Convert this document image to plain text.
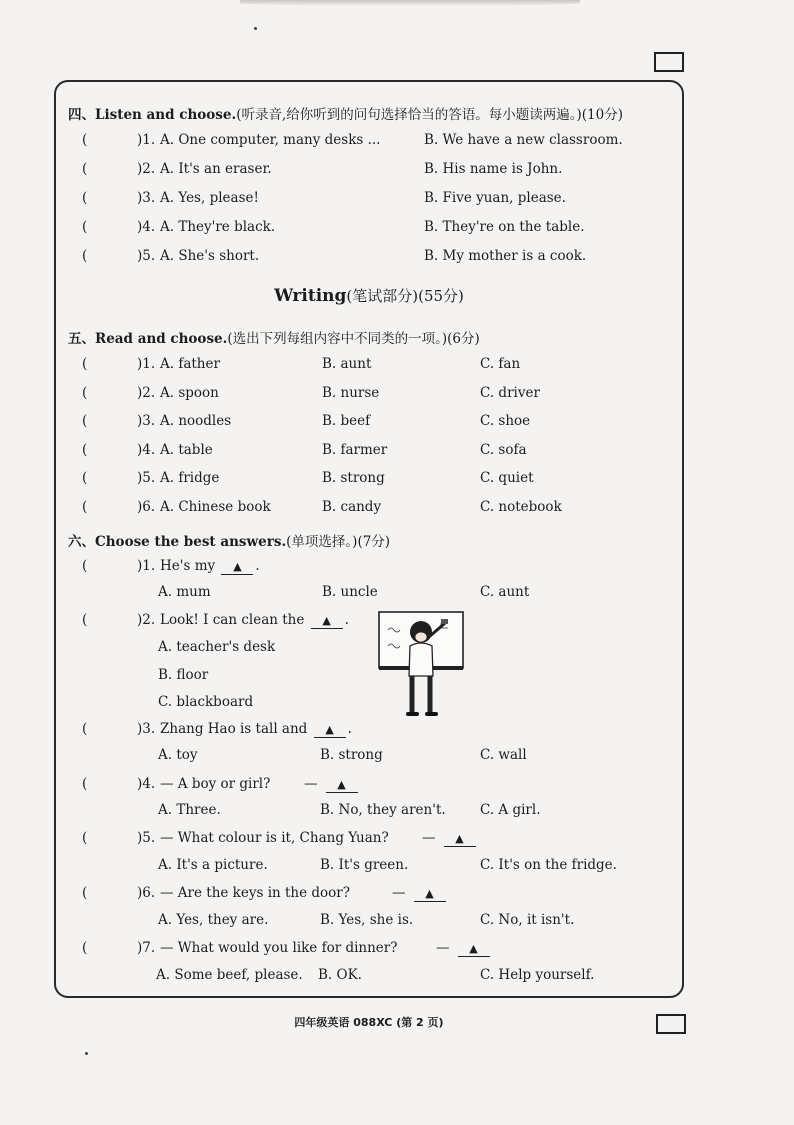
四、Listen and choose.(听录音,给你听到的问句选择恰当的答语。每小题读两遍。)(10分)
(	)1. A. One computer, many desks ...	B. We have a new classroom.
(	)2. A. It's an eraser.	B. His name is John.
(	)3. A. Yes, please!	B. Five yuan, please.
(	)4. A. They're black.	B. They're on the table.
(	)5. A. She's short.	B. My mother is a cook.
Writing(笔试部分)(55分)
五、Read and choose.(选出下列每组内容中不同类的一项。)(6分)
(	)1. A. father	B. aunt	C. fan
(	)2. A. spoon	B. nurse	C. driver
(	)3. A. noodles	B. beef	C. shoe
(	)4. A. table	B. farmer	C. sofa
(	)5. A. fridge	B. strong	C. quiet
(	)6. A. Chinese book	B. candy	C. notebook
六、Choose the best answers.(单项选择。)(7分)
(	)1. He's my ▲ .
A. mum	B. uncle	C. aunt
(	)2. Look! I can clean the ▲ .
A. teacher's desk
B. floor
C. blackboard
(	)3. Zhang Hao is tall and ▲ .
A. toy	B. strong	C. wall
(	)4. — A boy or girl? — ▲
A. Three.	B. No, they aren't.	C. A girl.
(	)5. — What colour is it, Chang Yuan? — ▲
A. It's a picture.	B. It's green.	C. It's on the fridge.
(	)6. — Are the keys in the door?	— ▲
A. Yes, they are.	B. Yes, she is.	C. No, it isn't.
(	)7. — What would you like for dinner?	— ▲
A. Some beef, please. B. OK.	C. Help yourself.
四年级英语 088XC (第 2 页)
